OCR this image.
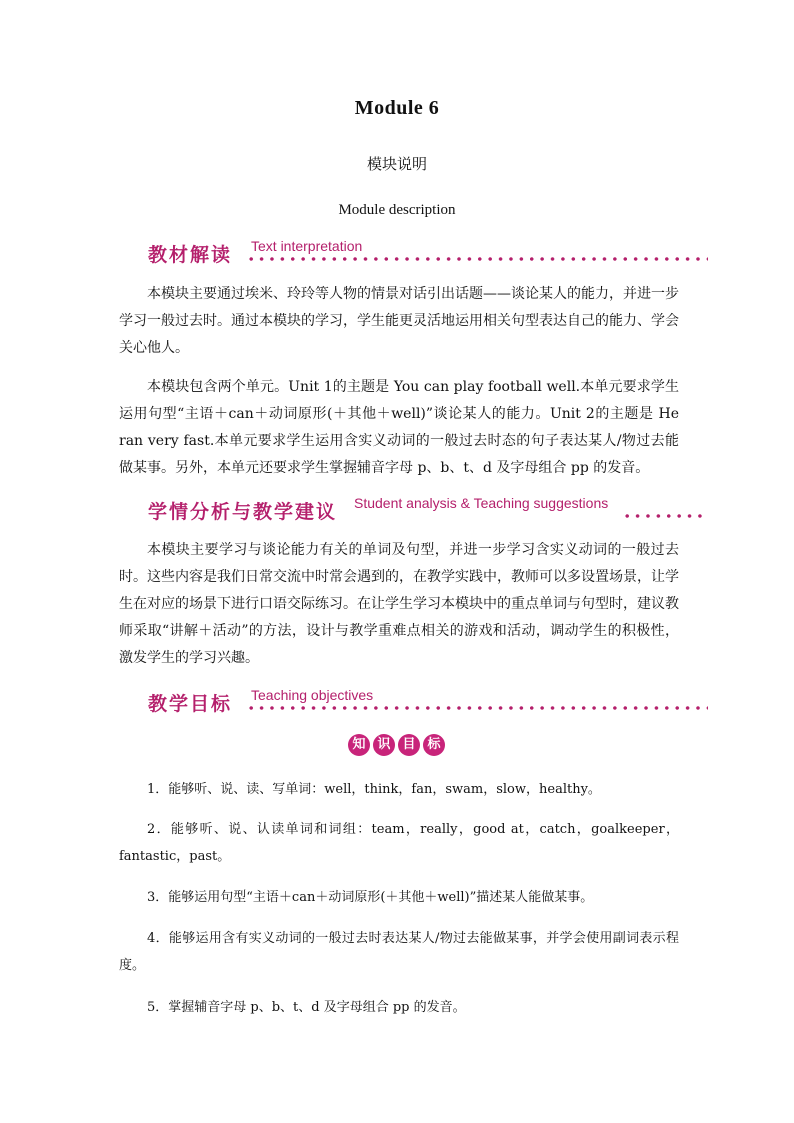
Module 6
模块说明
Module description
教材解读 Text interpretation

本模块主要通过埃米、玲玲等人物的情景对话引出话题——谈论某人的能力，并进一步学习一般过去时。通过本模块的学习，学生能更灵活地运用相关句型表达自己的能力、学会关心他人。

本模块包含两个单元。Unit 1的主题是 You can play football well.本单元要求学生运用句型“主语＋can＋动词原形(＋其他＋well)”谈论某人的能力。Unit 2的主题是 He ran very fast.本单元要求学生运用含实义动词的一般过去时态的句子表达某人/物过去能做某事。另外，本单元还要求学生掌握辅音字母 p、b、t、d 及字母组合 pp 的发音。

学情分析与教学建议 Student analysis & Teaching suggestions

本模块主要学习与谈论能力有关的单词及句型，并进一步学习含实义动词的一般过去时。这些内容是我们日常交流中时常会遇到的，在教学实践中，教师可以多设置场景，让学生在对应的场景下进行口语交际练习。在让学生学习本模块中的重点单词与句型时，建议教师采取“讲解＋活动”的方法，设计与教学重难点相关的游戏和活动，调动学生的积极性，激发学生的学习兴趣。

教学目标 Teaching objectives
知 识 目 标

1．能够听、说、读、写单词：well，think，fan，swam，slow，healthy。

2．能够听、说、认读单词和词组：team，really，good at，catch，goalkeeper，fantastic，past。

3．能够运用句型“主语＋can＋动词原形(＋其他＋well)”描述某人能做某事。

4．能够运用含有实义动词的一般过去时表达某人/物过去能做某事，并学会使用副词表示程度。

5．掌握辅音字母 p、b、t、d 及字母组合 pp 的发音。
